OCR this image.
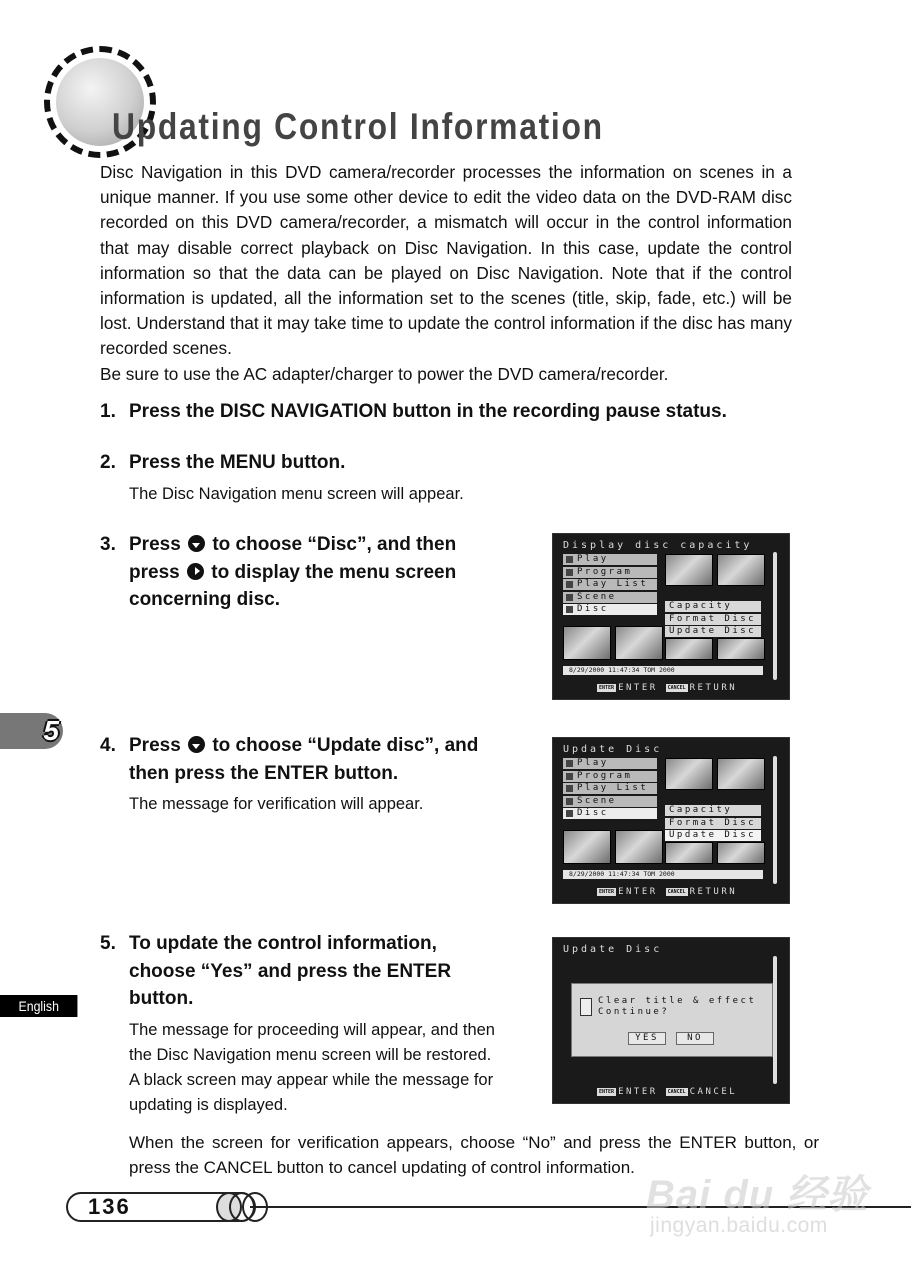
Updating Control Information

Disc Navigation in this DVD camera/recorder processes the information on scenes in a unique manner. If you use some other device to edit the video data on the DVD-RAM disc recorded on this DVD camera/recorder, a mismatch will occur in the control information that may disable correct playback on Disc Navigation. In this case, update the control information so that the data can be played on Disc Navigation. Note that if the control information is updated, all the information set to the scenes (title, skip, fade, etc.) will be lost. Understand that it may take time to update the control information if the disc has many recorded scenes.

Be sure to use the AC adapter/charger to power the DVD camera/recorder.

1. Press the DISC NAVIGATION button in the recording pause status.
2. Press the MENU button.
The Disc Navigation menu screen will appear.
3. Press to choose “Disc”, and then
press to display the menu screen
concerning disc.
Display disc capacity
Play
Program
Play List
Scene
Disc	Capacity
Format Disc
Update Disc
8/29/2000 11:47:34 TOM 2000
ENTER ENTER CANCEL RETURN
5 4. Press to choose “Update disc”, and
then press the ENTER button.
The message for verification will appear.
Update Disc
Play
Program
Play List
Scene
Disc	Capacity
Format Disc
Update Disc
8/29/2000 11:47:34 TOM 2000
ENTER ENTER CANCEL RETURN
5. To update the control information,
choose “Yes” and press the ENTER
button.
The message for proceeding will appear, and then
the Disc Navigation menu screen will be restored.
A black screen may appear while the message for
updating is displayed.
English
Update Disc
Clear title & effect
Continue?
YES	NO
ENTER ENTER CANCEL CANCEL
When the screen for verification appears, choose “No” and press the ENTER button, or press the CANCEL button to cancel updating of control information.
136	Bai du 经验
jingyan.baidu.com
